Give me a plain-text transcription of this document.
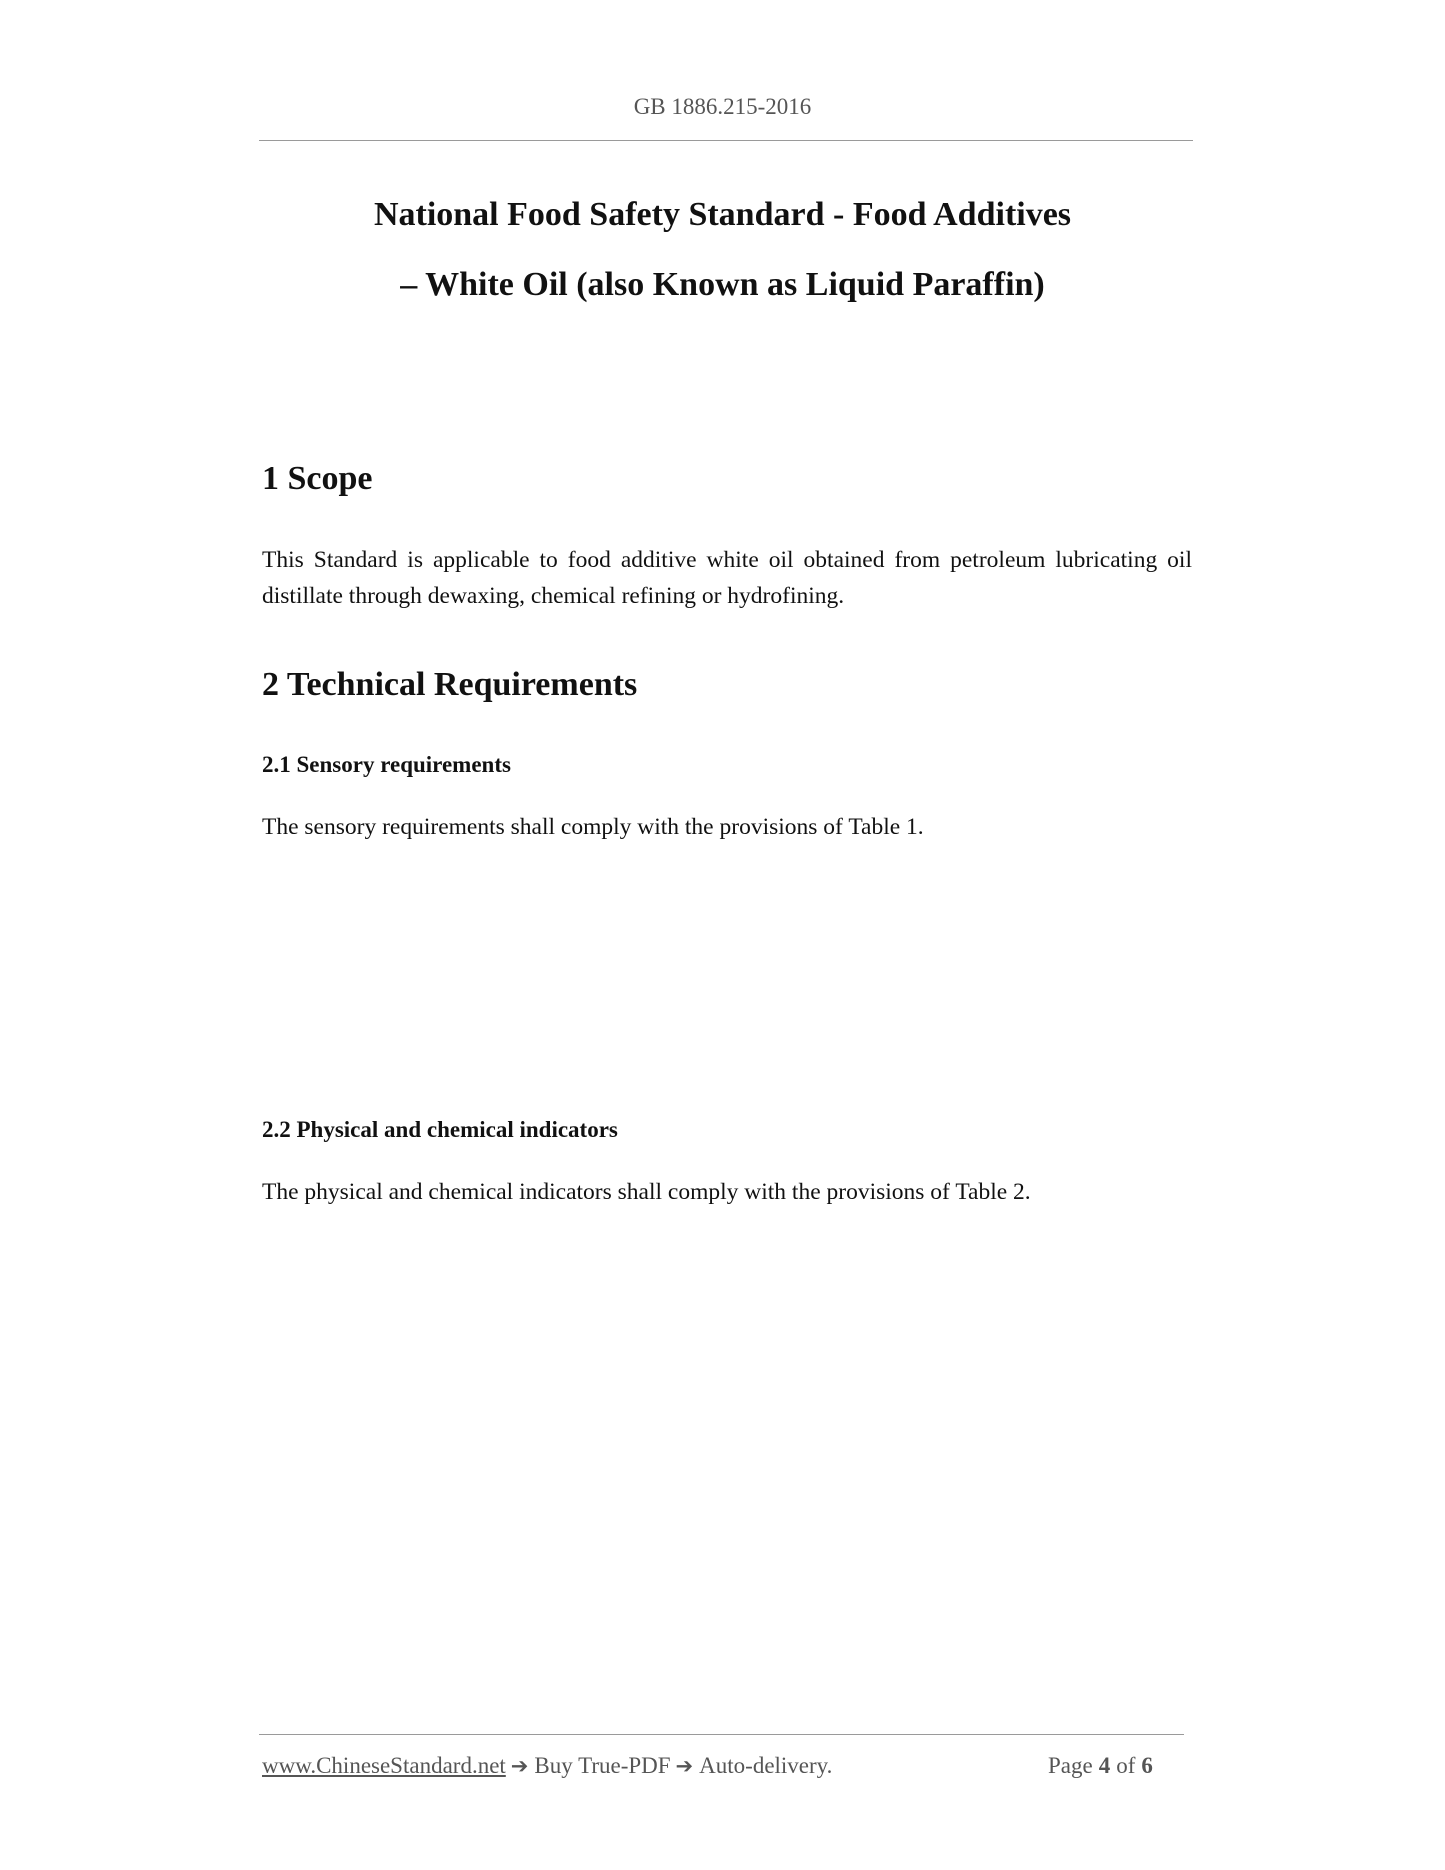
GB 1886.215-2016
National Food Safety Standard - Food Additives
– White Oil (also Known as Liquid Paraffin)
1 Scope
This Standard is applicable to food additive white oil obtained from petroleum lubricating oil distillate through dewaxing, chemical refining or hydrofining.
2 Technical Requirements
2.1 Sensory requirements
The sensory requirements shall comply with the provisions of Table 1.
2.2 Physical and chemical indicators
The physical and chemical indicators shall comply with the provisions of Table 2.
www.ChineseStandard.net ➔ Buy True-PDF ➔ Auto-delivery.	Page 4 of 6
